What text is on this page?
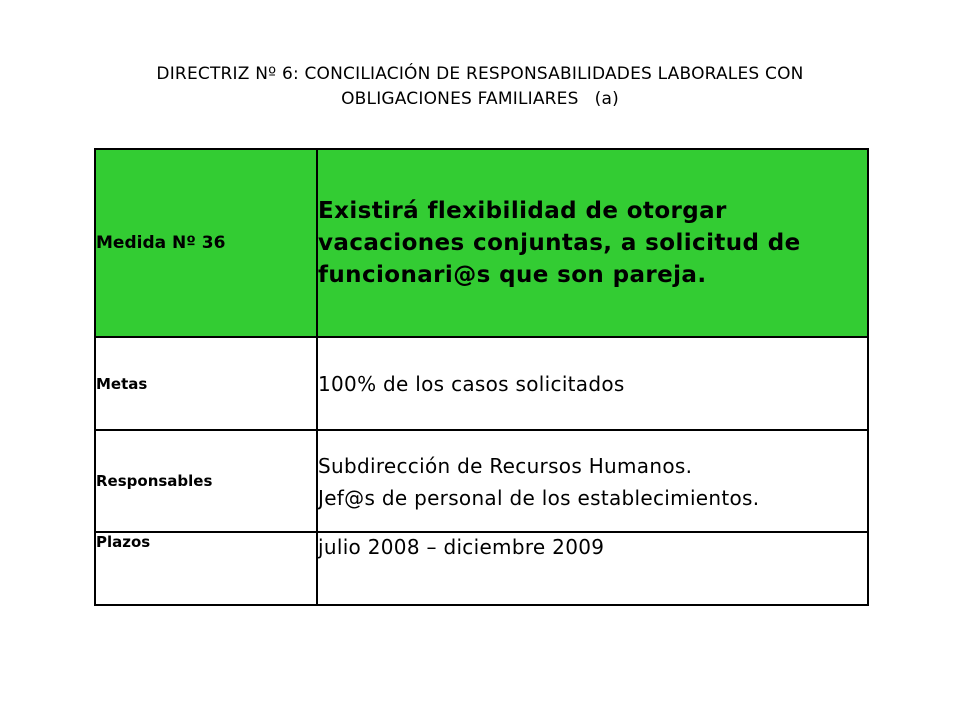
DIRECTRIZ Nº 6: CONCILIACIÓN DE RESPONSABILIDADES LABORALES CON
OBLIGACIONES FAMILIARES (a)
Medida Nº 36	Existirá flexibilidad de otorgar vacaciones conjuntas, a solicitud de funcionari@s que son pareja.
Metas	100% de los casos solicitados
Responsables	Subdirección de Recursos Humanos.
Jef@s de personal de los establecimientos.

Plazos	julio 2008 – diciembre 2009
